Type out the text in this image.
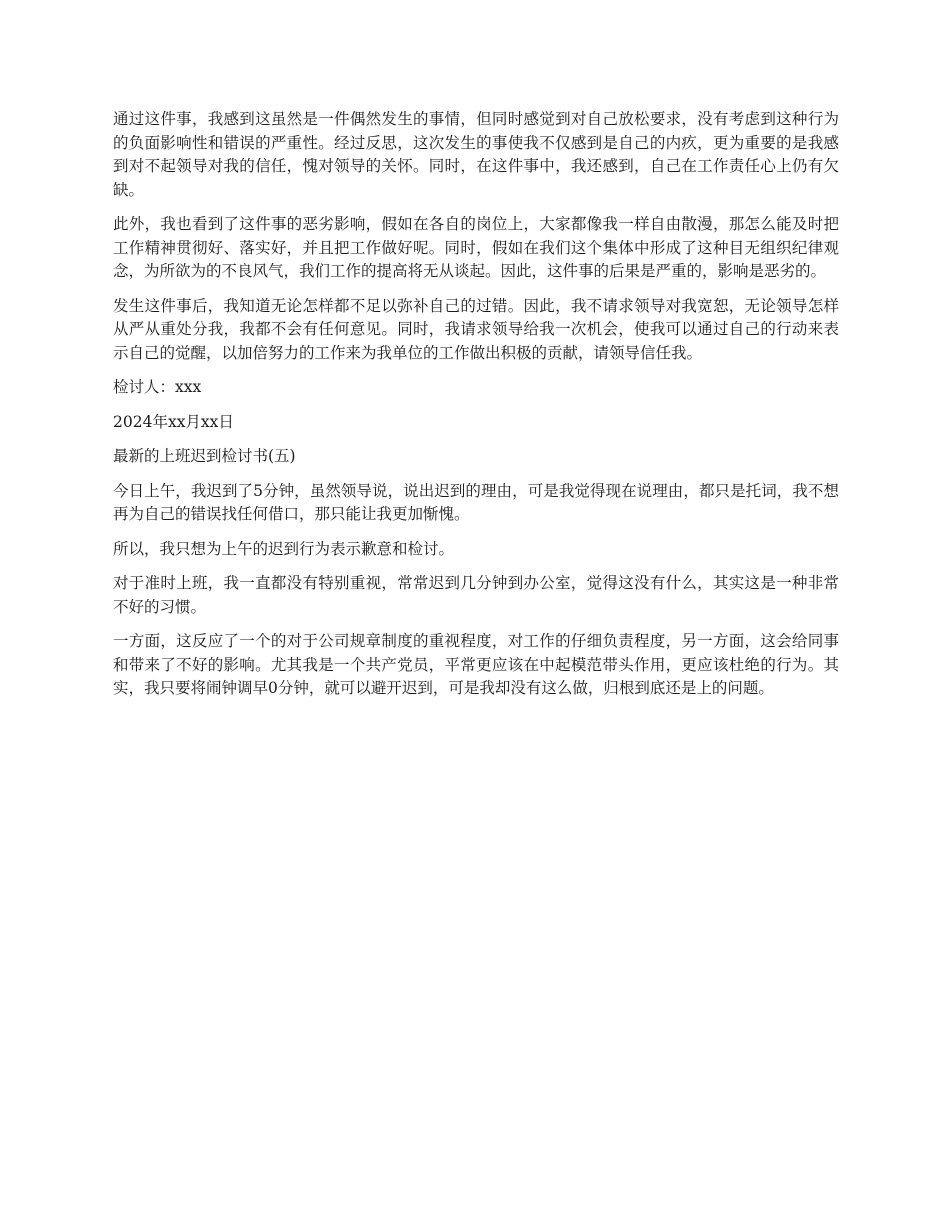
通过这件事，我感到这虽然是一件偶然发生的事情，但同时感觉到对自己放松要求，没有考虑到这种行为的负面影响性和错误的严重性。经过反思，这次发生的事使我不仅感到是自己的内疚，更为重要的是我感到对不起领导对我的信任，愧对领导的关怀。同时，在这件事中，我还感到，自己在工作责任心上仍有欠缺。

此外，我也看到了这件事的恶劣影响，假如在各自的岗位上，大家都像我一样自由散漫，那怎么能及时把工作精神贯彻好、落实好，并且把工作做好呢。同时，假如在我们这个集体中形成了这种目无组织纪律观念，为所欲为的不良风气，我们工作的提高将无从谈起。因此，这件事的后果是严重的，影响是恶劣的。

发生这件事后，我知道无论怎样都不足以弥补自己的过错。因此，我不请求领导对我宽恕，无论领导怎样从严从重处分我，我都不会有任何意见。同时，我请求领导给我一次机会，使我可以通过自己的行动来表示自己的觉醒，以加倍努力的工作来为我单位的工作做出积极的贡献，请领导信任我。

检讨人：xxx

2024年xx月xx日

最新的上班迟到检讨书(五)

今日上午，我迟到了5分钟，虽然领导说，说出迟到的理由，可是我觉得现在说理由，都只是托词，我不想再为自己的错误找任何借口，那只能让我更加惭愧。

所以，我只想为上午的迟到行为表示歉意和检讨。

对于准时上班，我一直都没有特别重视，常常迟到几分钟到办公室，觉得这没有什么，其实这是一种非常不好的习惯。

一方面，这反应了一个的对于公司规章制度的重视程度，对工作的仔细负责程度，另一方面，这会给同事和带来了不好的影响。尤其我是一个共产党员，平常更应该在中起模范带头作用，更应该杜绝的行为。其实，我只要将闹钟调早0分钟，就可以避开迟到，可是我却没有这么做，归根到底还是上的问题。
